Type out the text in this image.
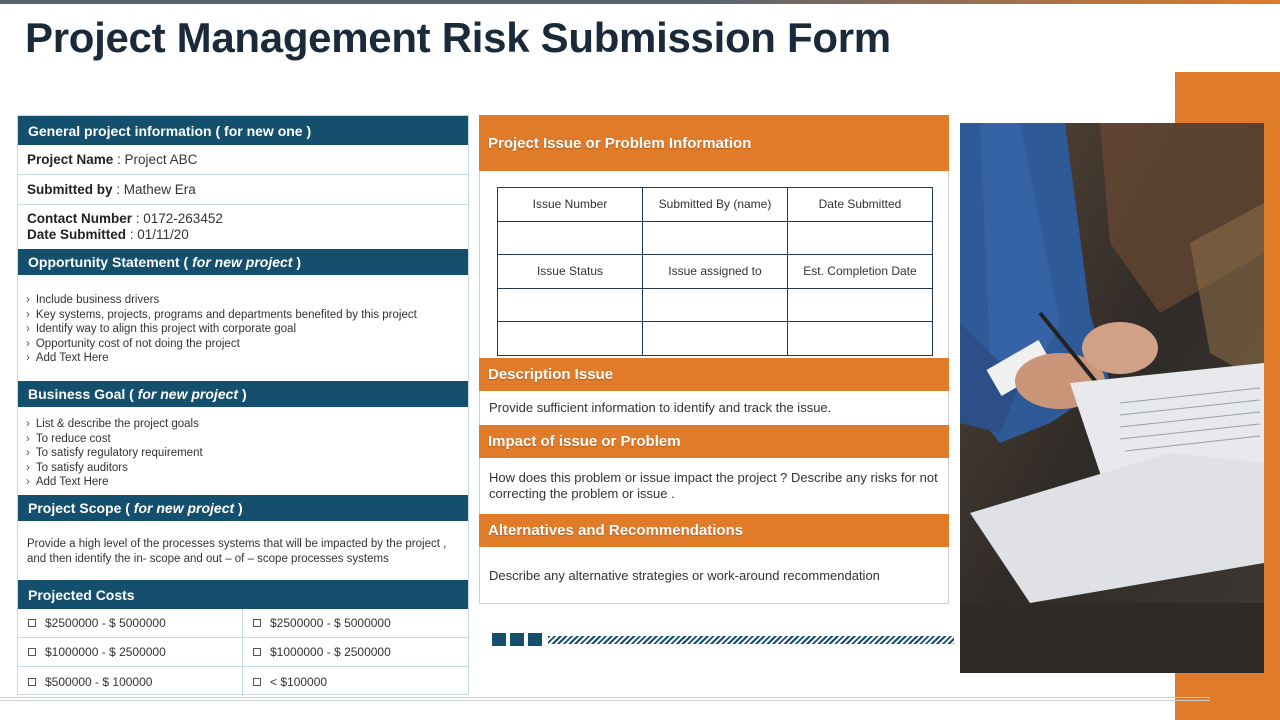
Project Management Risk Submission Form
General project information ( for new one )
Project Name : Project ABC
Submitted by : Mathew Era
Contact Number : 0172-263452
Date Submitted : 01/11/20
Opportunity Statement ( for new project )
› Include business drivers
› Key systems, projects, programs and departments benefited by this project
› Identify way to align this project with corporate goal
› Opportunity cost of not doing the project
› Add Text Here
Business Goal ( for new project )
› List & describe the project goals
› To reduce cost
› To satisfy regulatory requirement
› To satisfy auditors
› Add Text Here
Project Scope ( for new project )
Provide a high level of the processes systems that will be impacted by the project , and then identify the in- scope and out – of – scope processes systems
Projected Costs
$2500000 - $ 5000000	$2500000 - $ 5000000
$1000000 - $ 2500000	$1000000 - $ 2500000
$500000 - $ 100000	< $100000
Project Issue or Problem Information
Issue Number	Submitted By (name)	Date Submitted

Issue Status	Issue assigned to	Est. Completion Date

Description Issue
Provide sufficient information to identify and track the issue.
Impact of issue or Problem
How does this problem or issue impact the project ? Describe any risks for not correcting the problem or issue .
Alternatives and Recommendations
Describe any alternative strategies or work-around recommendation
